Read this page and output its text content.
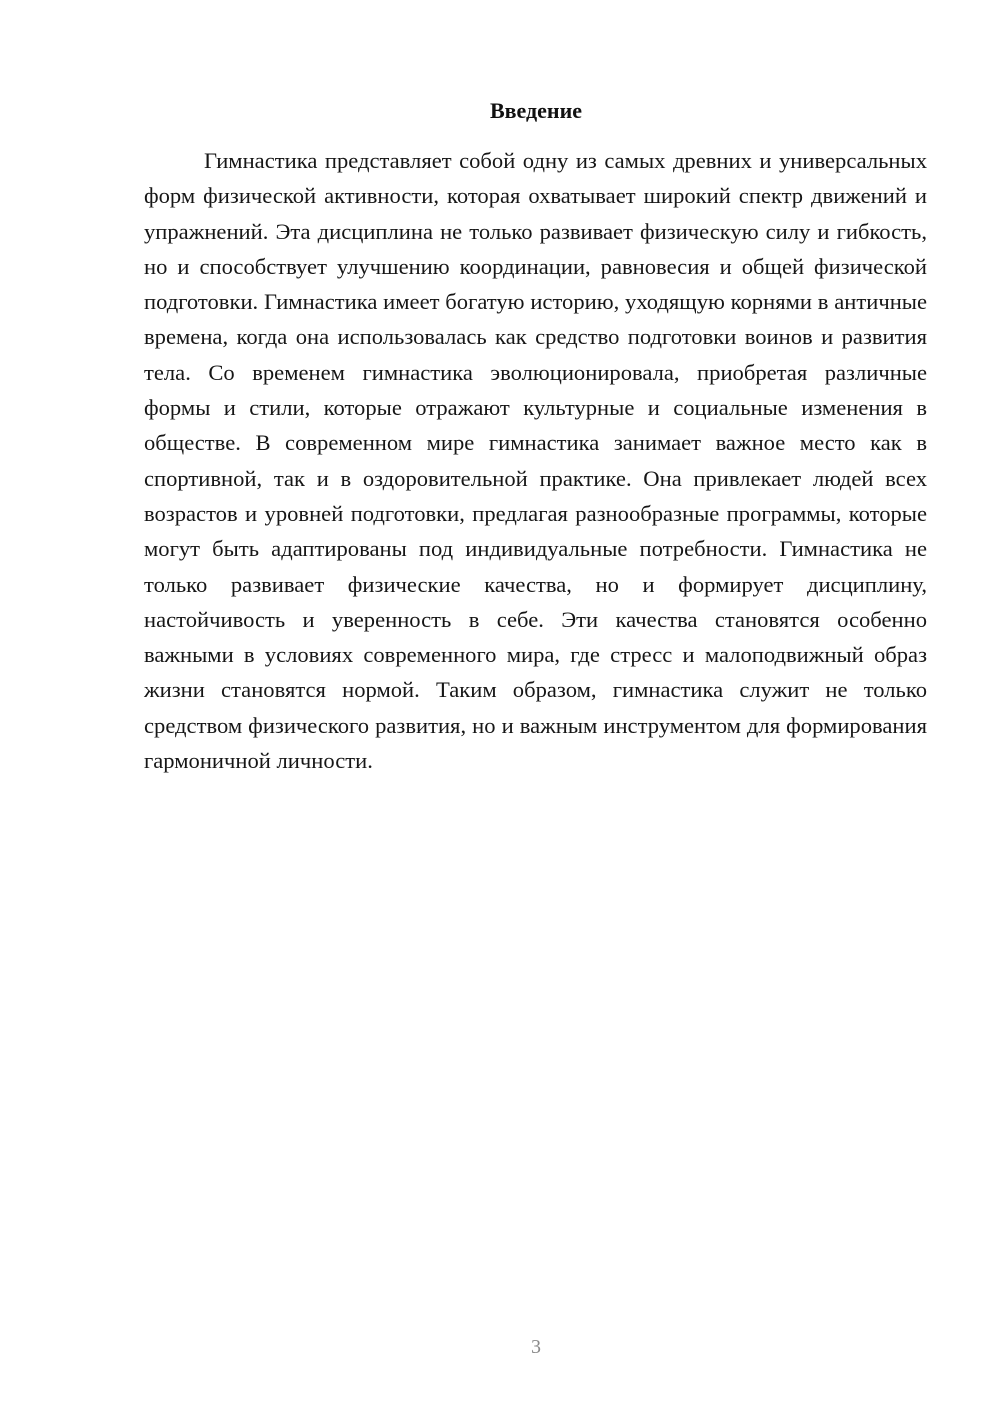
Введение

Гимнастика представляет собой одну из самых древних и универсальных форм физической активности, которая охватывает широкий спектр движений и упражнений. Эта дисциплина не только развивает физическую силу и гибкость, но и способствует улучшению координации, равновесия и общей физической подготовки. Гимнастика имеет богатую историю, уходящую корнями в античные времена, когда она использовалась как средство подготовки воинов и развития тела. Со временем гимнастика эволюционировала, приобретая различные формы и стили, которые отражают культурные и социальные изменения в обществе. В современном мире гимнастика занимает важное место как в спортивной, так и в оздоровительной практике. Она привлекает людей всех возрастов и уровней подготовки, предлагая разнообразные программы, которые могут быть адаптированы под индивидуальные потребности. Гимнастика не только развивает физические качества, но и формирует дисциплину, настойчивость и уверенность в себе. Эти качества становятся особенно важными в условиях современного мира, где стресс и малоподвижный образ жизни становятся нормой. Таким образом, гимнастика служит не только средством физического развития, но и важным инструментом для формирования гармоничной личности.

3
